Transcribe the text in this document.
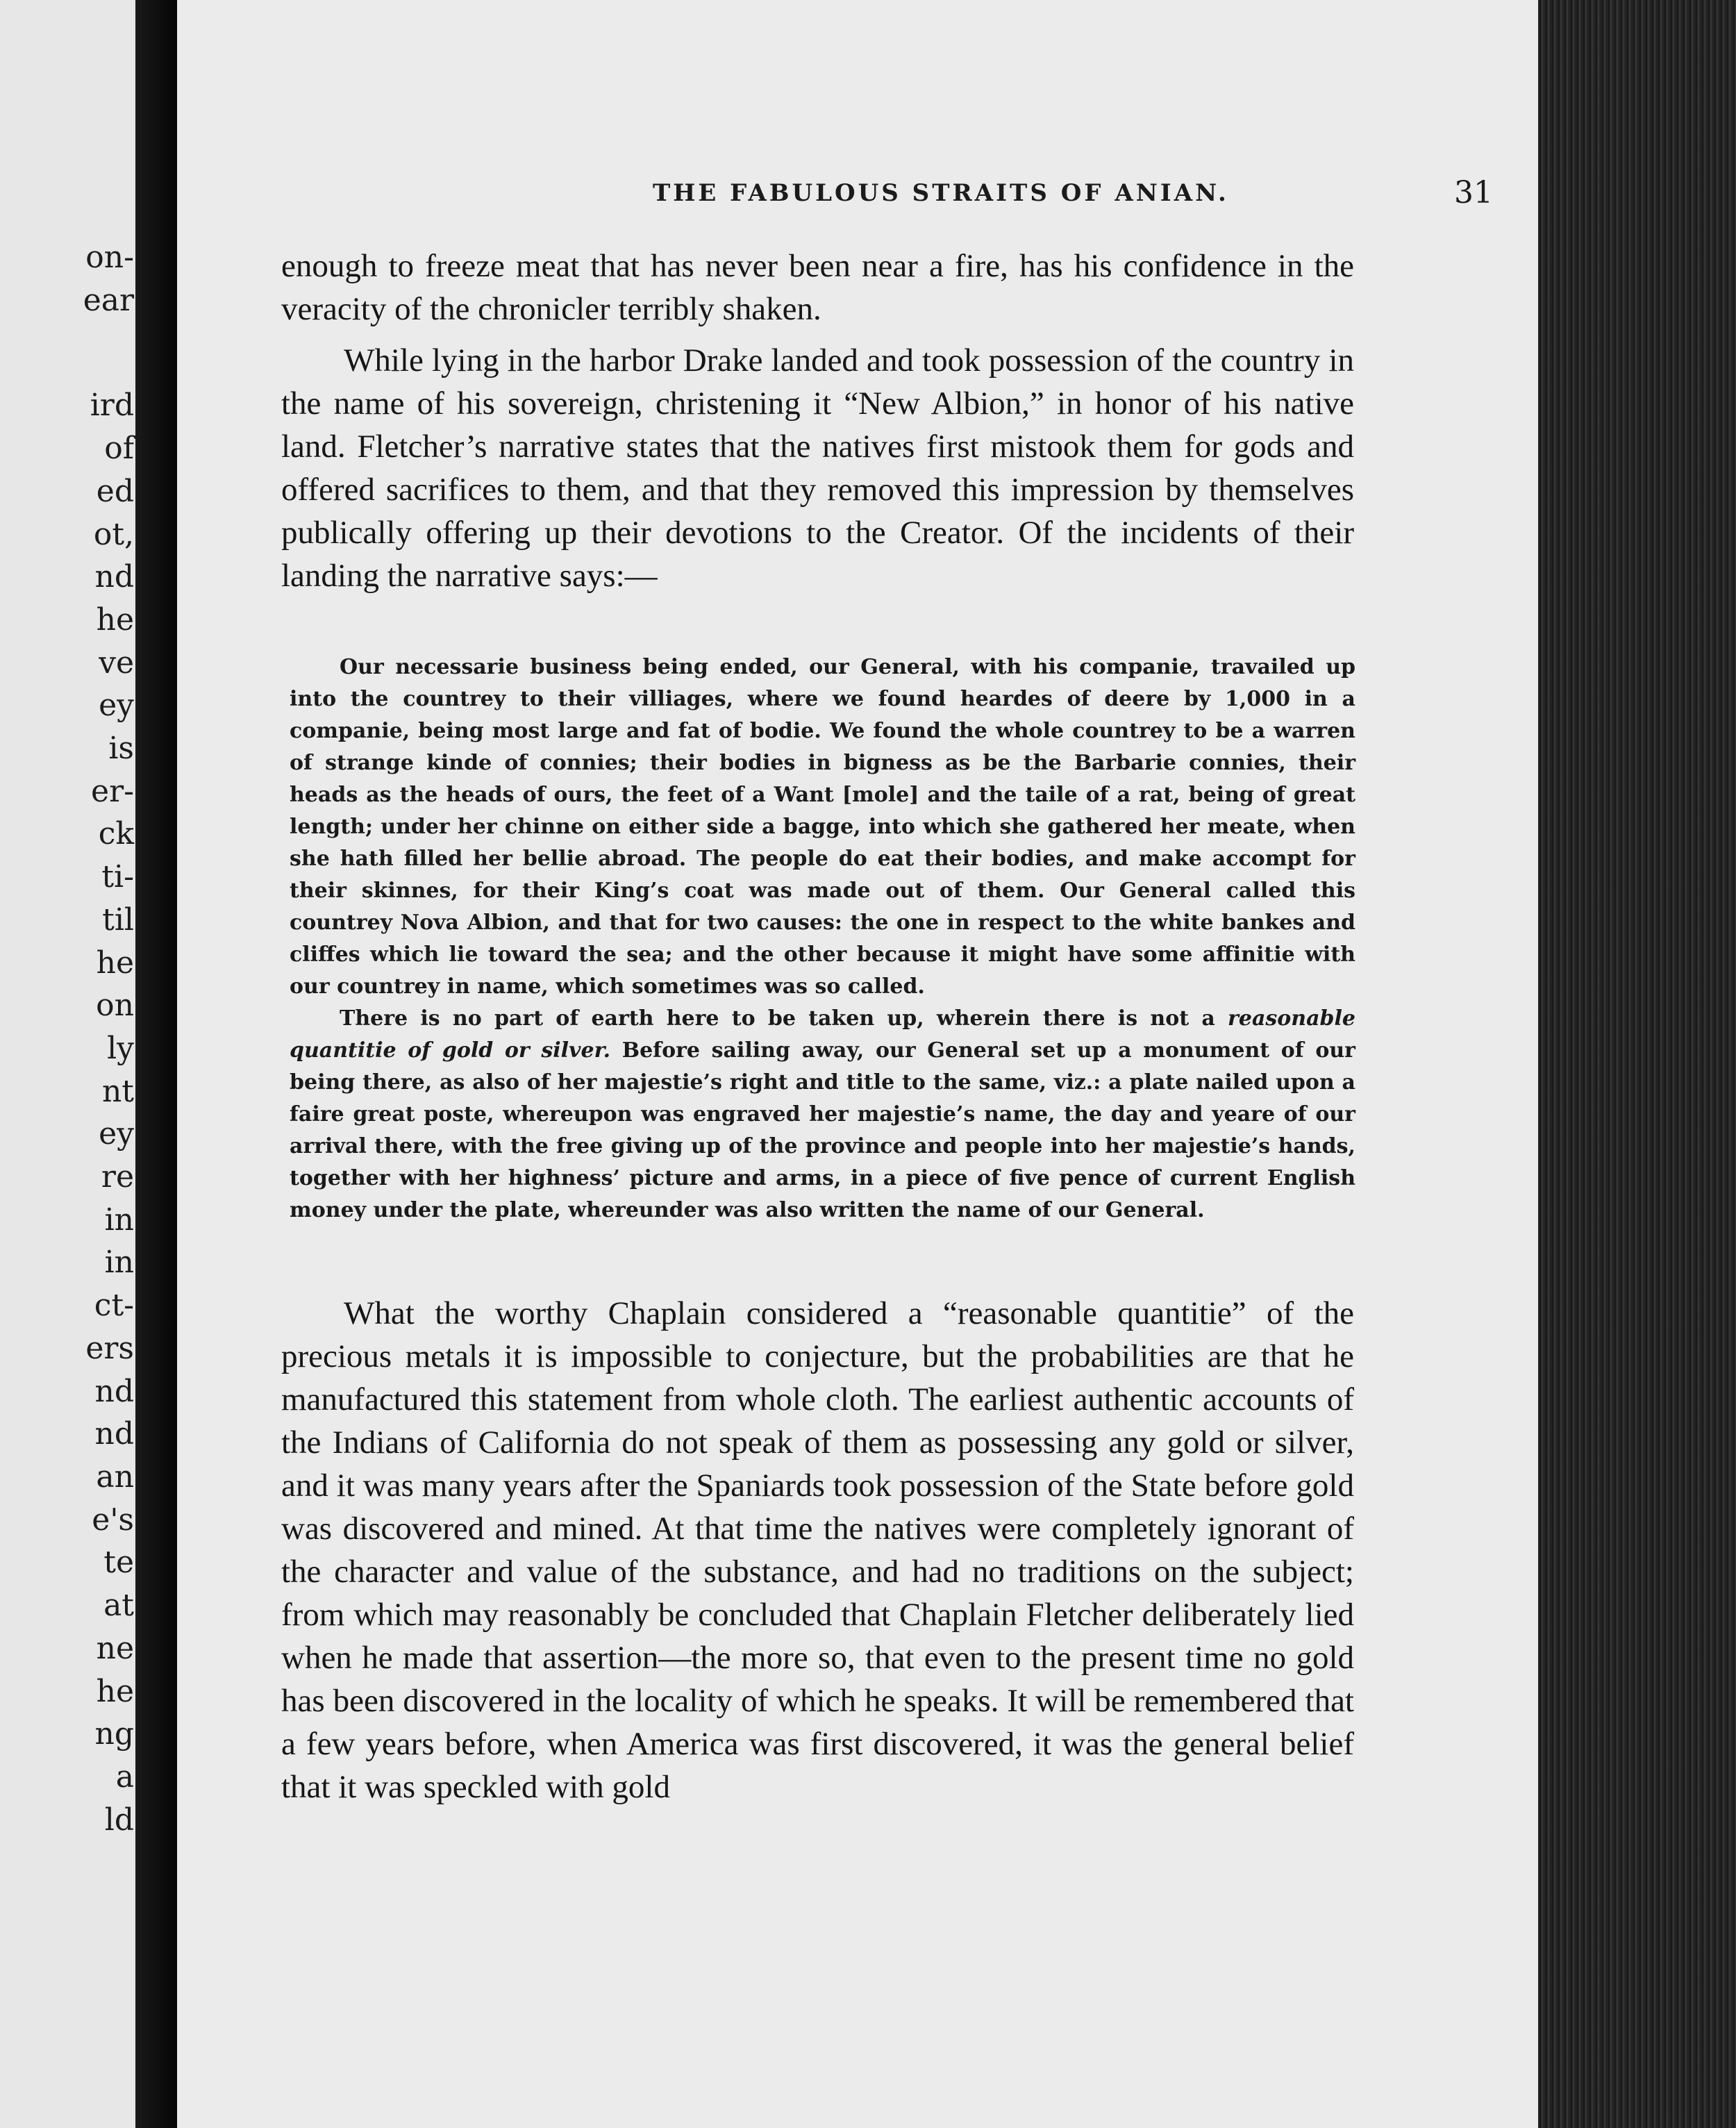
on-
ear
ird
of
ed
ot,
nd
he
ve
ey
is
er-
ck
ti-
til
he
on
ly
nt
ey
re
in
in
ct-
ers
nd
nd
an
e's
te
at
ne
he
ng
a
ld
THE FABULOUS STRAITS OF ANIAN.	31

enough to freeze meat that has never been near a fire, has his confidence in the veracity of the chronicler terribly shaken.

While lying in the harbor Drake landed and took possession of the country in the name of his sovereign, christening it “New Albion,” in honor of his native land. Fletcher’s narrative states that the natives first mistook them for gods and offered sacrifices to them, and that they removed this impression by themselves publically offering up their devotions to the Creator. Of the incidents of their landing the narrative says:—

Our necessarie business being ended, our General, with his companie, travailed up into the countrey to their villiages, where we found heardes of deere by 1,000 in a companie, being most large and fat of bodie. We found the whole countrey to be a warren of strange kinde of connies; their bodies in bigness as be the Barbarie connies, their heads as the heads of ours, the feet of a Want [mole] and the taile of a rat, being of great length; under her chinne on either side a bagge, into which she gathered her meate, when she hath filled her bellie abroad. The people do eat their bodies, and make accompt for their skinnes, for their King’s coat was made out of them. Our General called this countrey Nova Albion, and that for two causes: the one in respect to the white bankes and cliffes which lie toward the sea; and the other because it might have some affinitie with our countrey in name, which sometimes was so called.

There is no part of earth here to be taken up, wherein there is not a reasonable quantitie of gold or silver. Before sailing away, our General set up a monument of our being there, as also of her majestie’s right and title to the same, viz.: a plate nailed upon a faire great poste, whereupon was engraved her majestie’s name, the day and yeare of our arrival there, with the free giving up of the province and people into her majestie’s hands, together with her highness’ picture and arms, in a piece of five pence of current English money under the plate, whereunder was also written the name of our General.

What the worthy Chaplain considered a “reasonable quantitie” of the precious metals it is impossible to conjecture, but the probabilities are that he manufactured this statement from whole cloth. The earliest authentic accounts of the Indians of California do not speak of them as possessing any gold or silver, and it was many years after the Spaniards took possession of the State before gold was discovered and mined. At that time the natives were completely ignorant of the character and value of the substance, and had no traditions on the subject; from which may reasonably be concluded that Chaplain Fletcher deliberately lied when he made that assertion—the more so, that even to the present time no gold has been discovered in the locality of which he speaks. It will be remembered that a few years before, when America was first discovered, it was the general belief that it was speckled with gold
